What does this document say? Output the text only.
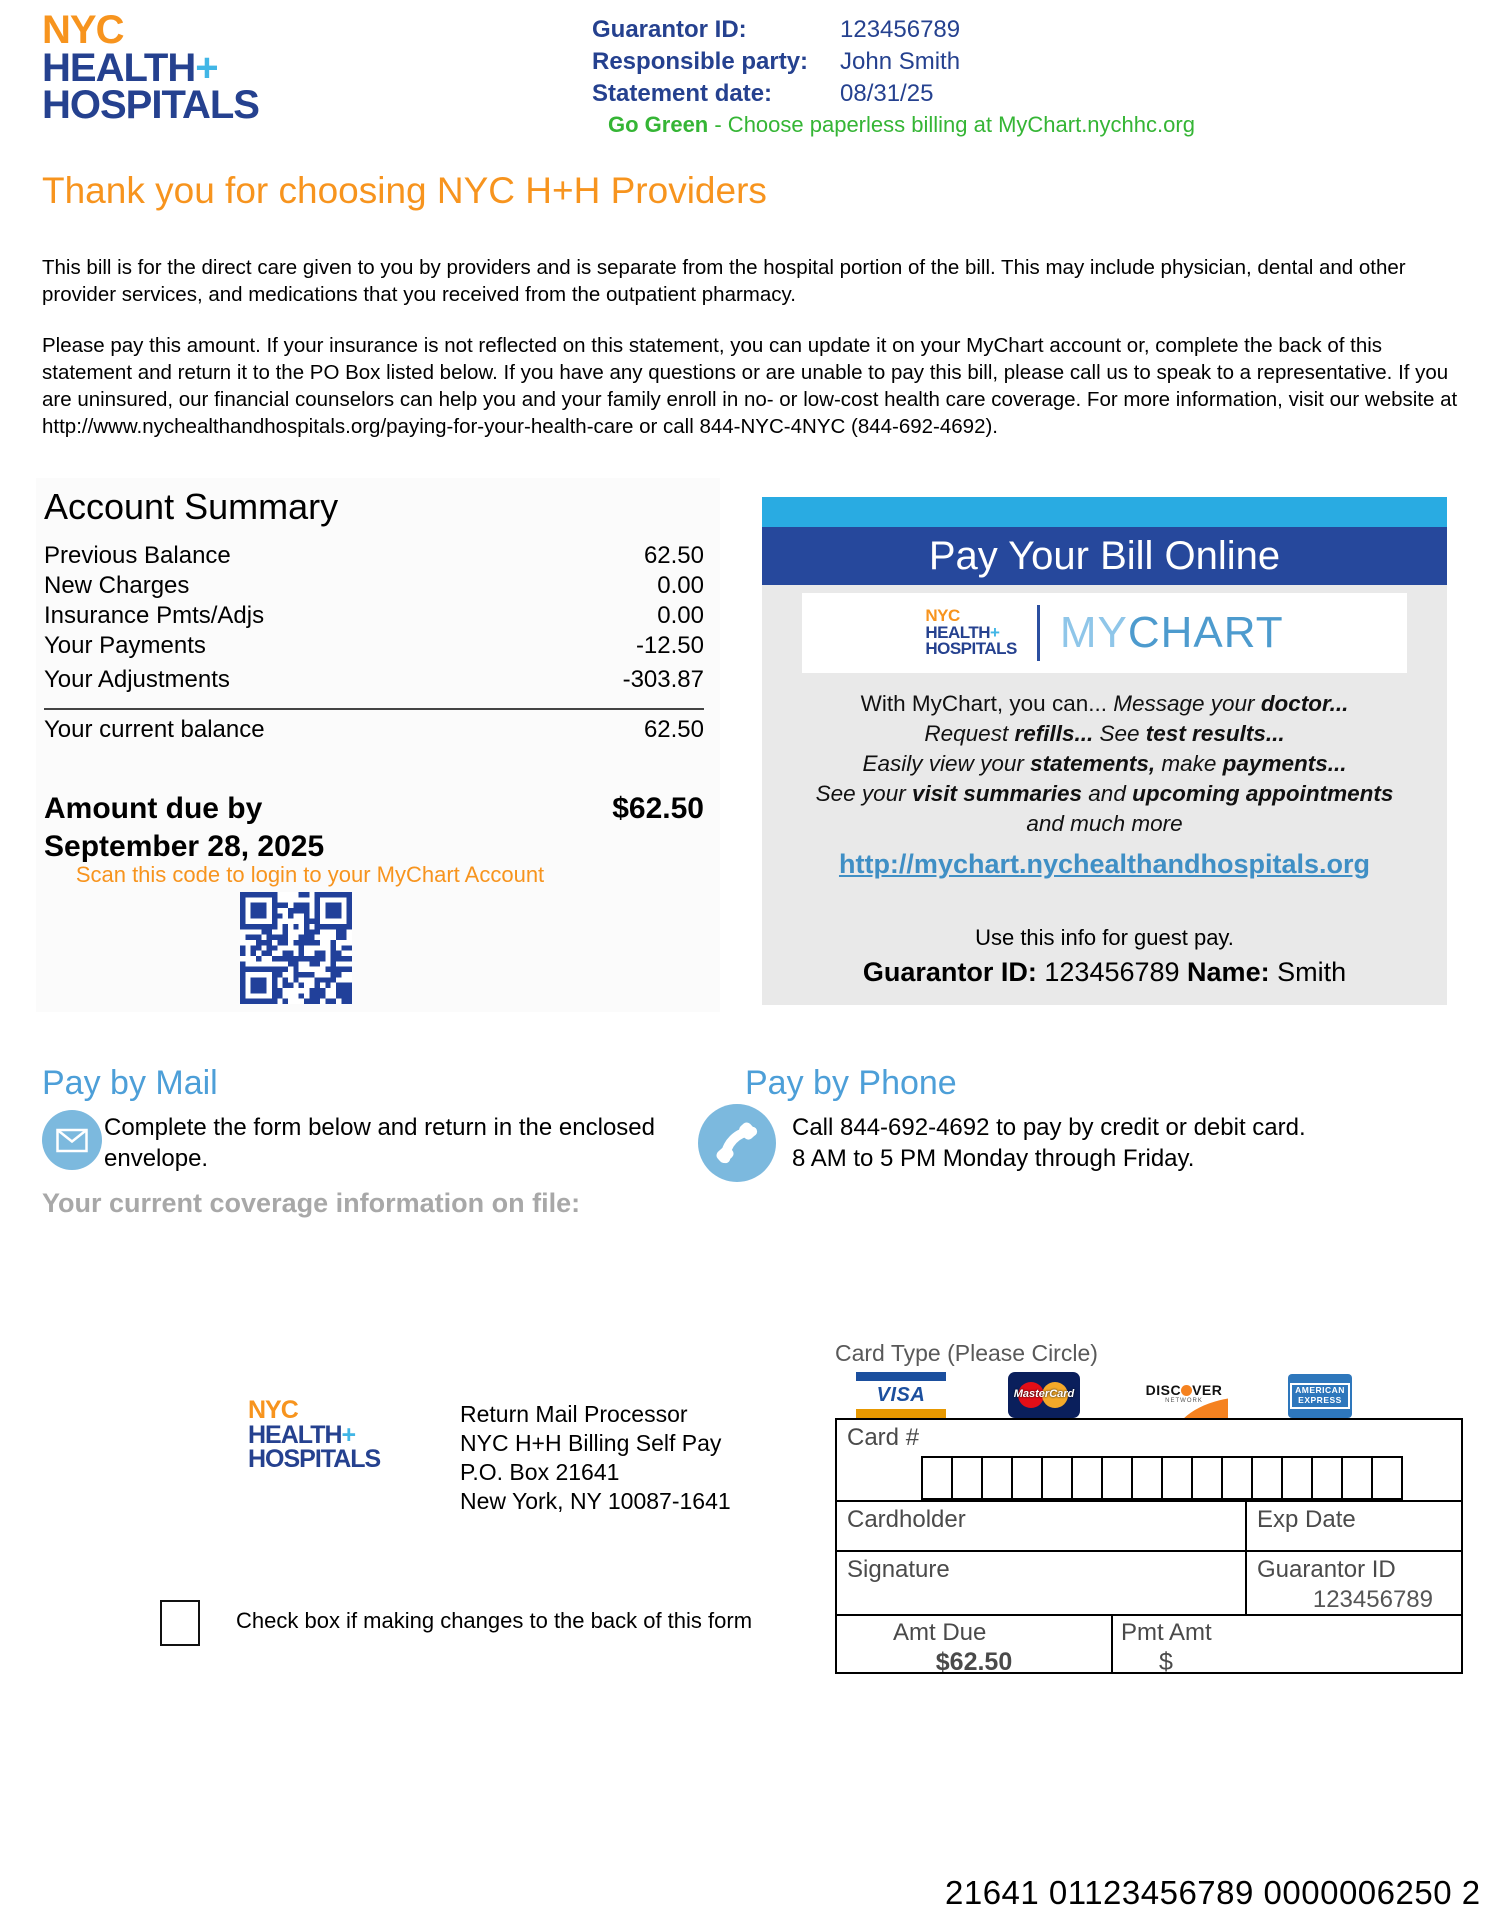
NYC
HEALTH+
HOSPITALS
Guarantor ID:	123456789
Responsible party: John Smith
Statement date:	08/31/25
Go Green - Choose paperless billing at MyChart.nychhc.org
Thank you for choosing NYC H+H Providers
This bill is for the direct care given to you by providers and is separate from the hospital portion of the bill. This may include physician, dental and other provider services, and medications that you received from the outpatient pharmacy.
Please pay this amount. If your insurance is not reflected on this statement, you can update it on your MyChart account or, complete the back of this statement and return it to the PO Box listed below. If you have any questions or are unable to pay this bill, please call us to speak to a representative. If you are uninsured, our financial counselors can help you and your family enroll in no- or low-cost health care coverage. For more information, visit our website at http://www.nychealthandhospitals.org/paying-for-your-health-care or call 844-NYC-4NYC (844-692-4692).
Account Summary
Previous Balance	62.50
New Charges	0.00
Insurance Pmts/Adjs	0.00
Your Payments	-12.50
Your Adjustments	-303.87
Your current balance	62.50
Amount due by
September 28, 2025
$62.50
Scan this code to login to your MyChart Account
Pay Your Bill Online
NYC
HEALTH+
HOSPITALS MYCHART
With MyChart, you can... Message your doctor...
Request refills... See test results...
Easily view your statements, make payments...
See your visit summaries and upcoming appointments
and much more
http://mychart.nychealthandhospitals.org
Use this info for guest pay.
Guarantor ID: 123456789 Name: Smith
Pay by Mail
Complete the form below and return in the enclosed envelope.
Pay by Phone
Call 844-692-4692 to pay by credit or debit card.
8 AM to 5 PM Monday through Friday.
Your current coverage information on file:
NYC
HEALTH+
HOSPITALS
Return Mail Processor
NYC H+H Billing Self Pay
P.O. Box 21641
New York, NY 10087-1641
Check box if making changes to the back of this form
Card Type (Please Circle)
VISA	MasterCard	DISC VER
NETWORK
AMERICAN
EXPRESS
Card #
Cardholder	Exp Date
Signature	Guarantor ID
123456789
Amt Due
$62.50
Pmt Amt
$
21641 01123456789 0000006250 2
